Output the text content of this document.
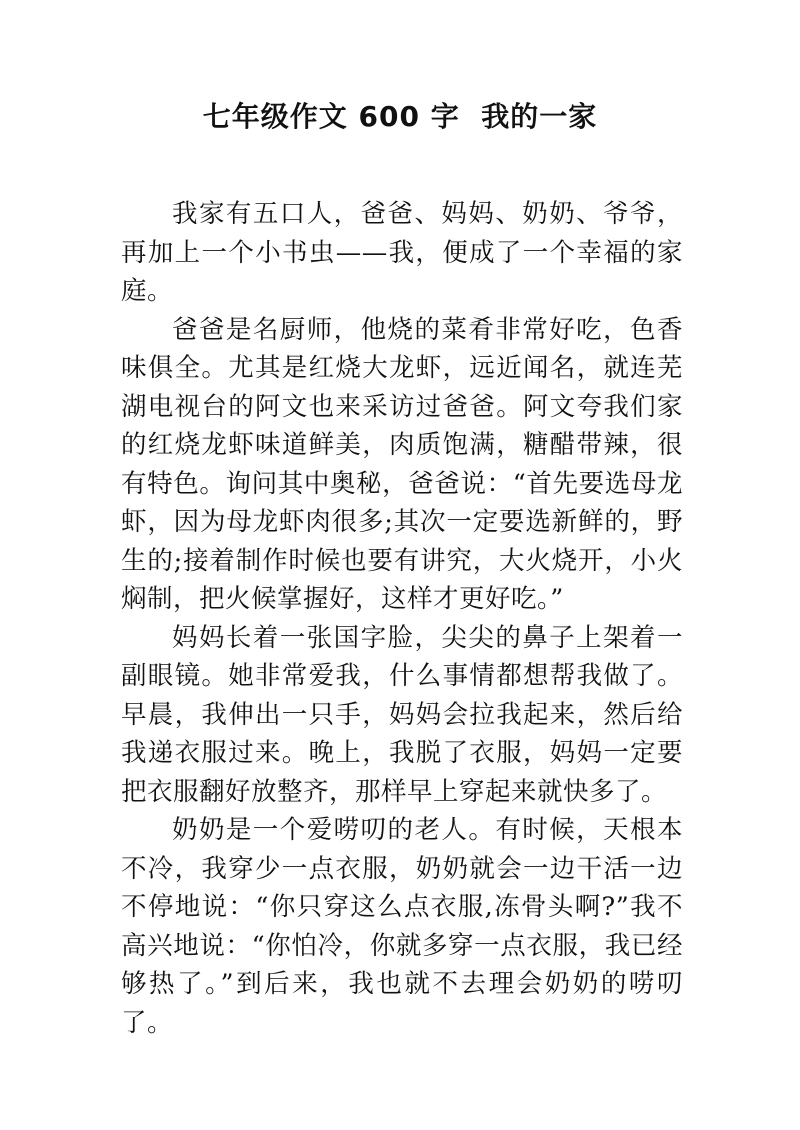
七年级作文 600 字  我的一家

我家有五口人，爸爸、妈妈、奶奶、爷爷，再加上一个小书虫——我，便成了一个幸福的家庭。

爸爸是名厨师，他烧的菜肴非常好吃，色香味俱全。尤其是红烧大龙虾，远近闻名，就连芜湖电视台的阿文也来采访过爸爸。阿文夸我们家的红烧龙虾味道鲜美，肉质饱满，糖醋带辣，很有特色。询问其中奥秘，爸爸说：“首先要选母龙虾，因为母龙虾肉很多;其次一定要选新鲜的，野生的;接着制作时候也要有讲究，大火烧开，小火焖制，把火候掌握好，这样才更好吃。”

妈妈长着一张国字脸，尖尖的鼻子上架着一副眼镜。她非常爱我，什么事情都想帮我做了。早晨，我伸出一只手，妈妈会拉我起来，然后给我递衣服过来。晚上，我脱了衣服，妈妈一定要把衣服翻好放整齐，那样早上穿起来就快多了。

奶奶是一个爱唠叨的老人。有时候，天根本不冷，我穿少一点衣服，奶奶就会一边干活一边不停地说：“你只穿这么点衣服,冻骨头啊?”我不高兴地说：“你怕冷，你就多穿一点衣服，我已经够热了。”到后来，我也就不去理会奶奶的唠叨了。
